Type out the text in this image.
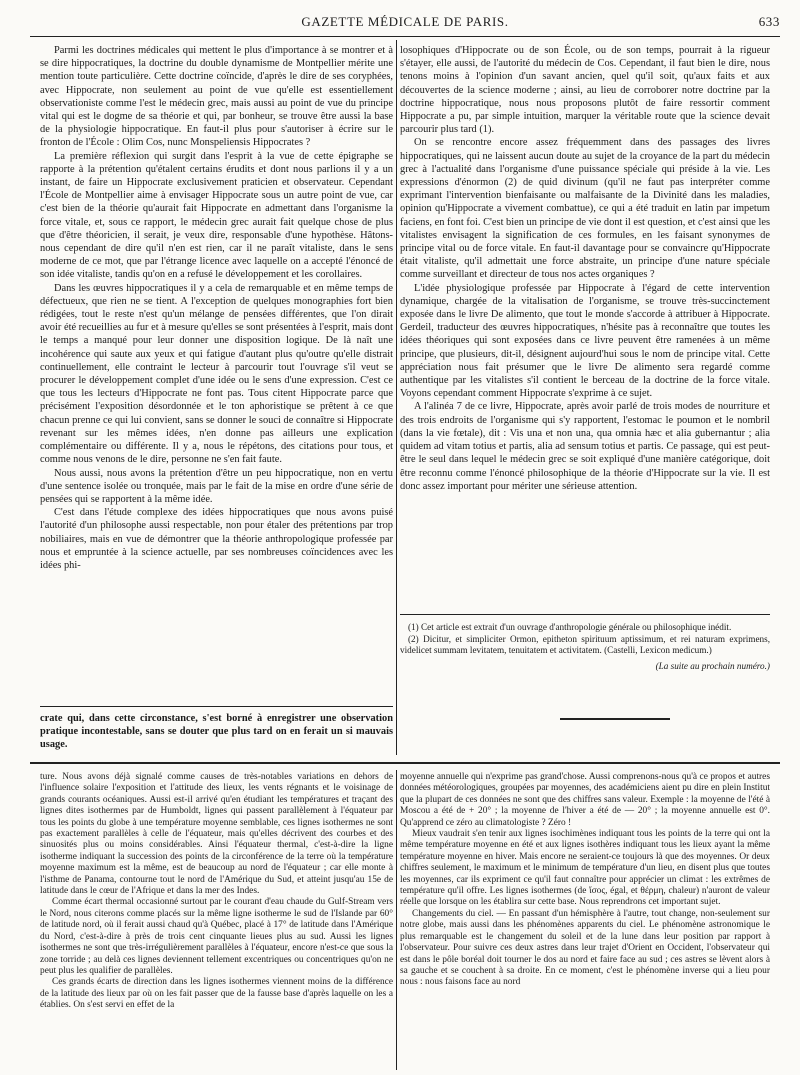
GAZETTE MÉDICALE DE PARIS.	633

Parmi les doctrines médicales qui mettent le plus d'importance à se montrer et à se dire hippocratiques, la doctrine du double dynamisme de Montpellier mérite une mention toute particulière. Cette doctrine coïncide, d'après le dire de ses coryphées, avec Hippocrate, non seulement au point de vue qu'elle est essentiellement observationiste comme l'est le médecin grec, mais aussi au point de vue du principe vital qui est le dogme de sa théorie et qui, par bonheur, se trouve être aussi la base de la physiologie hippocratique. En faut-il plus pour s'autoriser à écrire sur le fronton de l'École : Olim Cos, nunc Monspeliensis Hippocrates ?

La première réflexion qui surgit dans l'esprit à la vue de cette épigraphe se rapporte à la prétention qu'étalent certains érudits et dont nous parlions il y a un instant, de faire un Hippocrate exclusivement praticien et observateur. Cependant l'École de Montpellier aime à envisager Hippocrate sous un autre point de vue, car c'est bien de la théorie qu'aurait fait Hippocrate en admettant dans l'organisme la force vitale, et, sous ce rapport, le médecin grec aurait fait quelque chose de plus que d'être théoricien, il serait, je veux dire, responsable d'une hypothèse. Hâtons-nous cependant de dire qu'il n'en est rien, car il ne paraît vitaliste, dans le sens moderne de ce mot, que par l'étrange licence avec laquelle on a accepté l'énoncé de son idée vitaliste, tandis qu'on en a refusé le développement et les corollaires.

Dans les œuvres hippocratiques il y a cela de remarquable et en même temps de défectueux, que rien ne se tient. A l'exception de quelques monographies fort bien rédigées, tout le reste n'est qu'un mélange de pensées différentes, que l'on dirait avoir été recueillies au fur et à mesure qu'elles se sont présentées à l'esprit, mais dont le temps a manqué pour leur donner une disposition logique. De là naît une incohérence qui saute aux yeux et qui fatigue d'autant plus qu'outre qu'elle distrait continuellement, elle contraint le lecteur à parcourir tout l'ouvrage s'il veut se procurer le développement complet d'une idée ou le sens d'une expression. C'est ce que tous les lecteurs d'Hippocrate ne font pas. Tous citent Hippocrate parce que précisément l'exposition désordonnée et le ton aphoristique se prêtent à ce que chacun prenne ce qui lui convient, sans se donner le souci de connaître si Hippocrate revenant sur les mêmes idées, n'en donne pas ailleurs une explication complémentaire ou différente. Il y a, nous le répétons, des citations pour tous, et comme nous venons de le dire, personne ne s'en fait faute.

Nous aussi, nous avons la prétention d'être un peu hippocratique, non en vertu d'une sentence isolée ou tronquée, mais par le fait de la mise en ordre d'une série de pensées qui se rapportent à la même idée.

C'est dans l'étude complexe des idées hippocratiques que nous avons puisé l'autorité d'un philosophe aussi respectable, non pour étaler des prétentions par trop nobiliaires, mais en vue de démontrer que la théorie anthropologique professée par nous et empruntée à la science actuelle, par ses nombreuses coïncidences avec les idées phi-

losophiques d'Hippocrate ou de son École, ou de son temps, pourrait à la rigueur s'étayer, elle aussi, de l'autorité du médecin de Cos. Cependant, il faut bien le dire, nous tenons moins à l'opinion d'un savant ancien, quel qu'il soit, qu'aux faits et aux découvertes de la science moderne ; ainsi, au lieu de corroborer notre doctrine par la doctrine hippocratique, nous nous proposons plutôt de faire ressortir comment Hippocrate a pu, par simple intuition, marquer la véritable route que la science devait parcourir plus tard (1).

On se rencontre encore assez fréquemment dans des passages des livres hippocratiques, qui ne laissent aucun doute au sujet de la croyance de la part du médecin grec à l'actualité dans l'organisme d'une puissance spéciale qui préside à la vie. Les expressions d'énormon (2) de quid divinum (qu'il ne faut pas interpréter comme exprimant l'intervention bienfaisante ou malfaisante de la Divinité dans les maladies, opinion qu'Hippocrate a vivement combattue), ce qui a été traduit en latin par impetum faciens, en font foi. C'est bien un principe de vie dont il est question, et c'est ainsi que les vitalistes envisagent la signification de ces formules, en les faisant synonymes de principe vital ou de force vitale. En faut-il davantage pour se convaincre qu'Hippocrate était vitaliste, qu'il admettait une force abstraite, un principe d'une nature spéciale comme surveillant et directeur de tous nos actes organiques ?

L'idée physiologique professée par Hippocrate à l'égard de cette intervention dynamique, chargée de la vitalisation de l'organisme, se trouve très-succinctement exposée dans le livre De alimento, que tout le monde s'accorde à attribuer à Hippocrate. Gerdeil, traducteur des œuvres hippocratiques, n'hésite pas à reconnaître que toutes les idées théoriques qui sont exposées dans ce livre peuvent être ramenées à un même principe, que plusieurs, dit-il, désignent aujourd'hui sous le nom de principe vital. Cette appréciation nous fait présumer que le livre De alimento sera regardé comme authentique par les vitalistes s'il contient le berceau de la doctrine de la force vitale. Voyons cependant comment Hippocrate s'exprime à ce sujet.

A l'alinéa 7 de ce livre, Hippocrate, après avoir parlé de trois modes de nourriture et des trois endroits de l'organisme qui s'y rapportent, l'estomac le poumon et le nombril (dans la vie fœtale), dit : Vis una et non una, qua omnia hæc et alia gubernantur ; alia quidem ad vitam totius et partis, alia ad sensum totius et partis. Ce passage, qui est peut-être le seul dans lequel le médecin grec se soit expliqué d'une manière catégorique, doit être reconnu comme l'énoncé philosophique de la théorie d'Hippocrate sur la vie. Il est donc assez important pour mériter une sérieuse attention.

(1) Cet article est extrait d'un ouvrage d'anthropologie générale ou philosophique inédit.

(2) Dicitur, et simpliciter Ormon, epitheton spirituum aptissimum, et rei naturam exprimens, videlicet summam levitatem, tenuitatem et activitatem. (Castelli, Lexicon medicum.)

(La suite au prochain numéro.)

crate qui, dans cette circonstance, s'est borné à enregistrer une observation pratique incontestable, sans se douter que plus tard on en ferait un si mauvais usage.

ture. Nous avons déjà signalé comme causes de très-notables variations en dehors de l'influence solaire l'exposition et l'attitude des lieux, les vents régnants et le voisinage de grands courants océaniques. Aussi est-il arrivé qu'en étudiant les températures et traçant des lignes dites isothermes par de Humboldt, lignes qui passent parallèlement à l'équateur par tous les points du globe à une température moyenne semblable, ces lignes isothermes ne sont pas exactement parallèles à celle de l'équateur, mais qu'elles décrivent des courbes et des sinuosités plus ou moins considérables. Ainsi l'équateur thermal, c'est-à-dire la ligne isotherme indiquant la succession des points de la circonférence de la terre où la température moyenne maximum est la même, est de beaucoup au nord de l'équateur ; car elle monte à l'isthme de Panama, contourne tout le nord de l'Amérique du Sud, et atteint jusqu'au 15e de latitude dans le cœur de l'Afrique et dans la mer des Indes.

Comme écart thermal occasionné surtout par le courant d'eau chaude du Gulf-Stream vers le Nord, nous citerons comme placés sur la même ligne isotherme le sud de l'Islande par 60° de latitude nord, où il ferait aussi chaud qu'à Québec, placé à 17° de latitude dans l'Amérique du Nord, c'est-à-dire à près de trois cent cinquante lieues plus au sud. Aussi les lignes isothermes ne sont que très-irrégulièrement parallèles à l'équateur, encore n'est-ce que sous la zone torride ; au delà ces lignes deviennent tellement excentriques ou concentriques qu'on ne peut plus les qualifier de parallèles.

Ces grands écarts de direction dans les lignes isothermes viennent moins de la différence de la latitude des lieux par où on les fait passer que de la fausse base d'après laquelle on les a établies. On s'est servi en effet de la

moyenne annuelle qui n'exprime pas grand'chose. Aussi comprenons-nous qu'à ce propos et autres données météorologiques, groupées par moyennes, des académiciens aient pu dire en plein Institut que la plupart de ces données ne sont que des chiffres sans valeur. Exemple : la moyenne de l'été à Moscou a été de + 20° ; la moyenne de l'hiver a été de — 20° ; la moyenne annuelle est 0°. Qu'apprend ce zéro au climatologiste ? Zéro !

Mieux vaudrait s'en tenir aux lignes isochimènes indiquant tous les points de la terre qui ont la même température moyenne en été et aux lignes isothères indiquant tous les lieux ayant la même température moyenne en hiver. Mais encore ne seraient-ce toujours là que des moyennes. Or deux chiffres seulement, le maximum et le minimum de température d'un lieu, en disent plus que toutes les moyennes, car ils expriment ce qu'il faut connaître pour apprécier un climat : les extrêmes de température qu'il offre. Les lignes isothermes (de ἴσος, égal, et θέρμη, chaleur) n'auront de valeur réelle que lorsque on les établira sur cette base. Nous reprendrons cet important sujet.

Changements du ciel. — En passant d'un hémisphère à l'autre, tout change, non-seulement sur notre globe, mais aussi dans les phénomènes apparents du ciel. Le phénomène astronomique le plus remarquable est le changement du soleil et de la lune dans leur position par rapport à l'observateur. Pour suivre ces deux astres dans leur trajet d'Orient en Occident, l'observateur qui est dans le pôle boréal doit tourner le dos au nord et faire face au sud ; ces astres se lèvent alors à sa gauche et se couchent à sa droite. En ce moment, c'est le phénomène inverse qui a lieu pour nous : nous faisons face au nord
